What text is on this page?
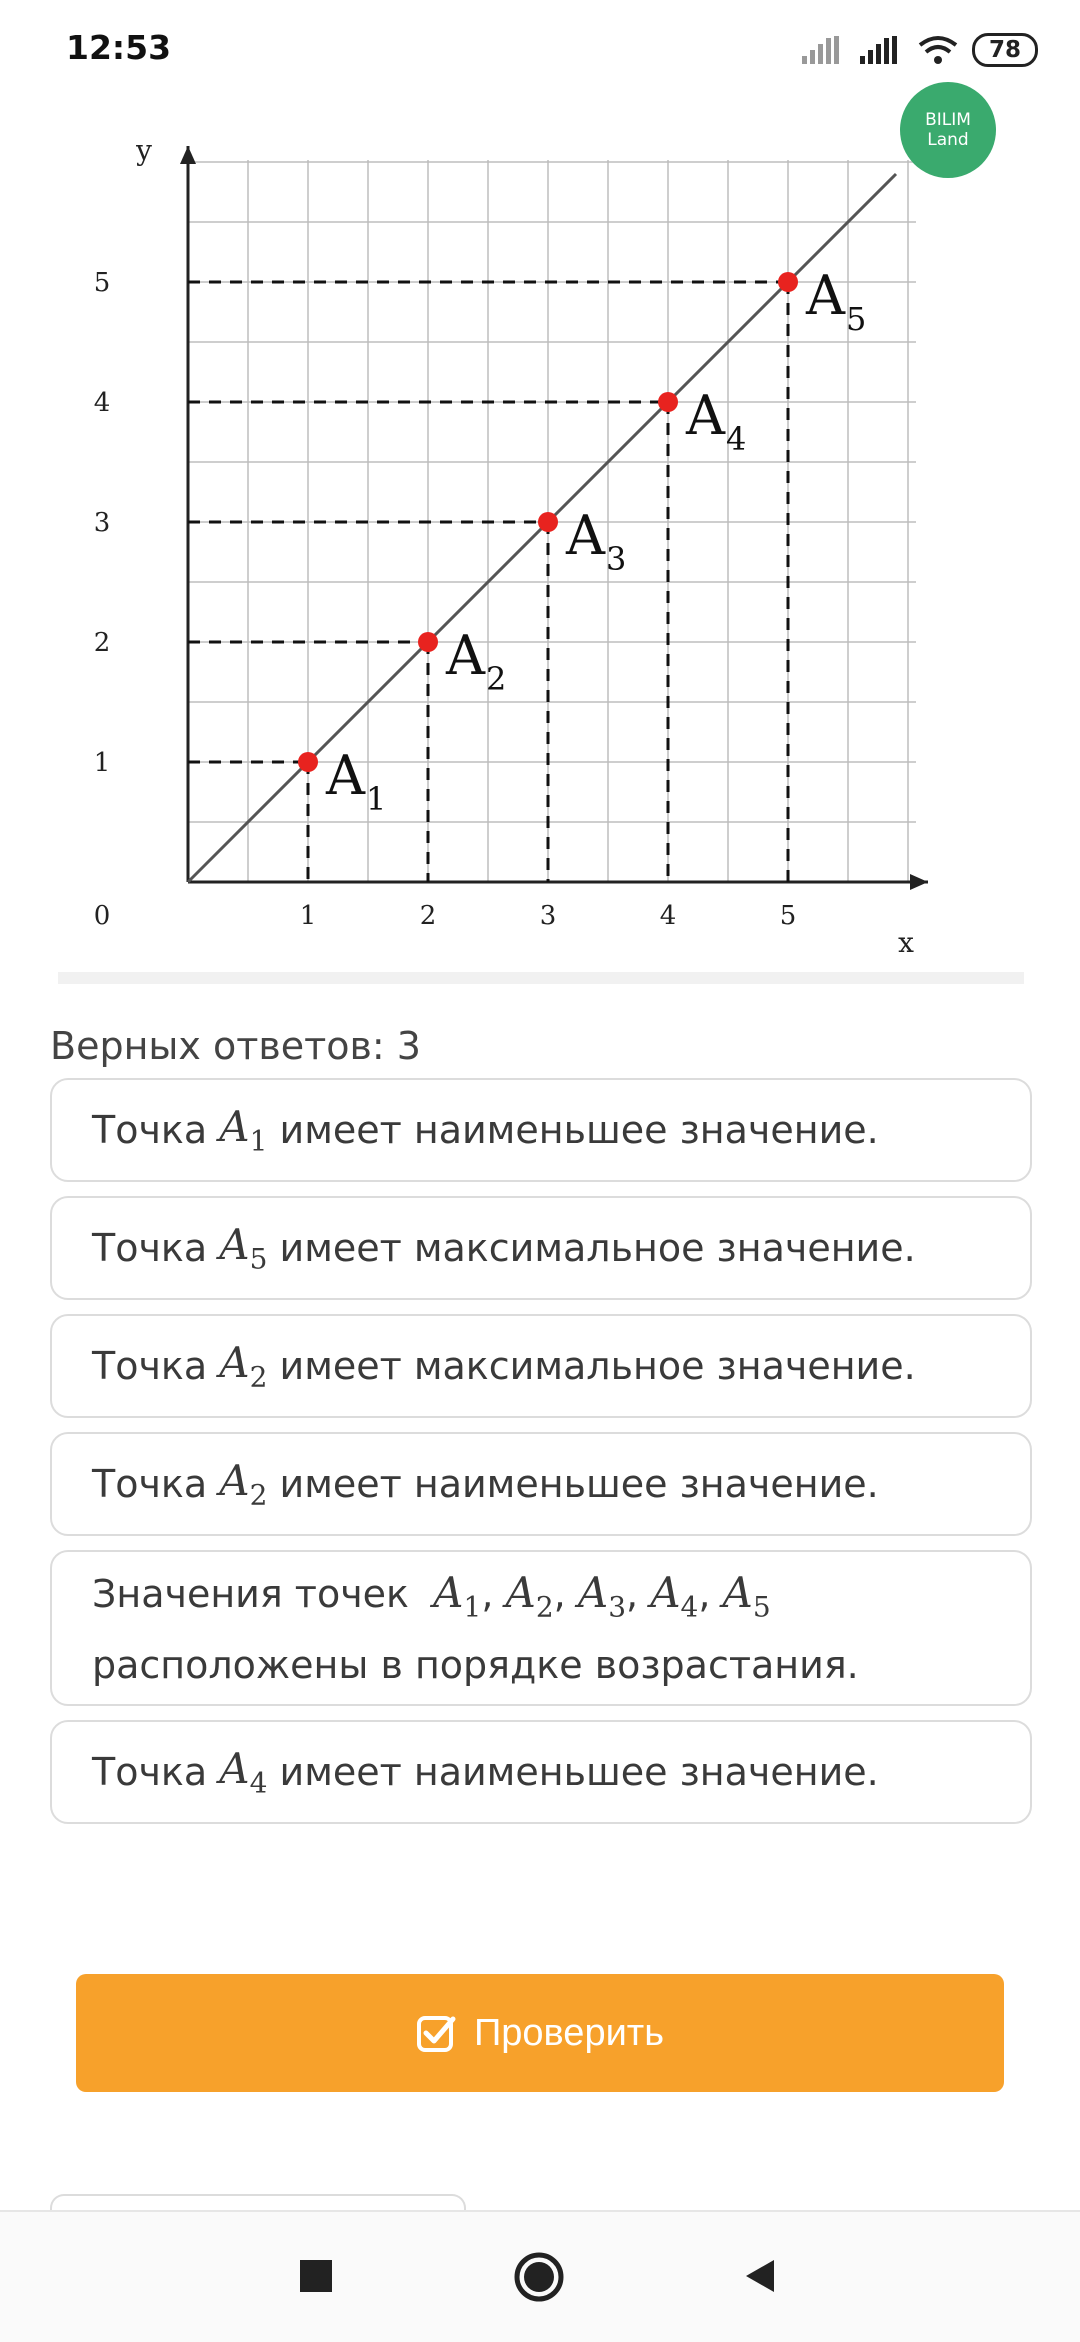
12:53	78
A 1
A 2
A 3
A 4
A 5
1	2	3	4	5
1
2
3
4
5
0
x
y
BILIM
Land
Верных ответов: 3
Точка
$A_1$
имеет наименьшее значение.
Точка
$A_5$
имеет максимальное значение.
Точка
$A_2$
имеет максимальное значение.
Точка
$A_2$
имеет наименьшее значение.
Значения точек  $A_1$, $A_2$, $A_3$, $A_4$, $A_5$
расположены в порядке возрастания.
Точка
$A_4$
имеет наименьшее значение.
Проверить
